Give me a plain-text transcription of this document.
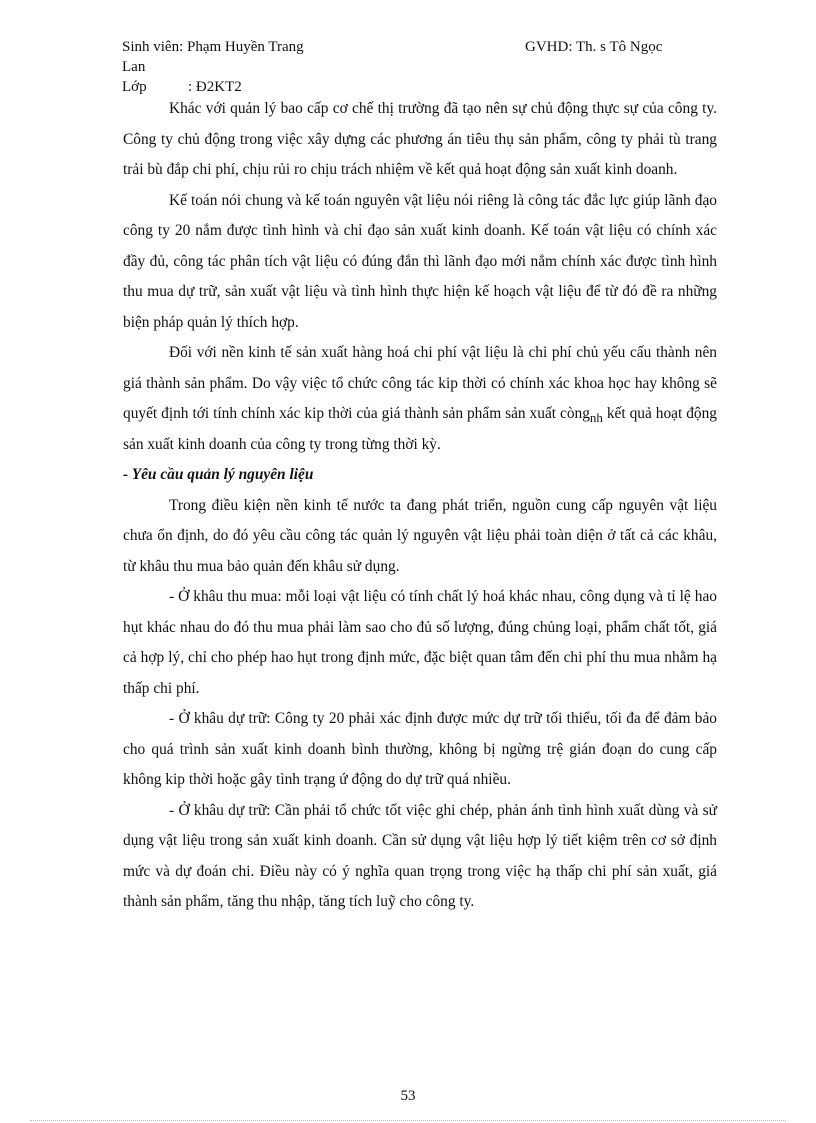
Sinh viên: Phạm Huyền Trang	GVHD: Th. s Tô Ngọc
Lan
Lớp	: Đ2KT2

Khác với quản lý bao cấp cơ chế thị trường đã tạo nên sự chủ động thực sự của công ty. Công ty chủ động trong việc xây dựng các phương án tiêu thụ sản phẩm, công ty phải tù trang trải bù đắp chi phí, chịu rủi ro chịu trách nhiệm về kết quả hoạt động sản xuất kinh doanh.

Kế toán nói chung và kế toán nguyên vật liệu nói riêng là công tác đắc lực giúp lãnh đạo công ty 20 nắm được tình hình và chỉ đạo sản xuất kinh doanh. Kế toán vật liệu có chính xác đầy đủ, công tác phân tích vật liệu có đúng đắn thì lãnh đạo mới nắm chính xác được tình hình thu mua dự trữ, sản xuất vật liệu và tình hình thực hiện kế hoạch vật liệu để từ đó đề ra những biện pháp quản lý thích hợp.

Đối với nền kinh tế sản xuất hàng hoá chi phí vật liệu là chi phí chủ yếu cấu thành nên giá thành sản phẩm. Do vậy việc tổ chức công tác kip thời có chính xác khoa học hay không sẽ quyết định tới tính chính xác kip thời của giá thành sản phẩm sản xuất còng$_{nh}$ kết quả hoạt động sản xuất kinh doanh của công ty trong từng thời kỳ.

- Yêu cầu quản lý nguyên liệu

Trong điều kiện nền kinh tế nước ta đang phát triển, nguồn cung cấp nguyên vật liệu chưa ổn định, do đó yêu cầu công tác quản lý nguyên vật liệu phải toàn diện ở tất cả các khâu, từ khâu thu mua bảo quản đến khâu sử dụng.

- Ở khâu thu mua: mỗi loại vật liệu có tính chất lý hoá khác nhau, công dụng và tỉ lệ hao hụt khác nhau do đó thu mua phải làm sao cho đủ số lượng, đúng chủng loại, phẩm chất tốt, giá cả hợp lý, chỉ cho phép hao hụt trong định mức, đặc biệt quan tâm đến chi phí thu mua nhằm hạ thấp chi phí.

- Ở khâu dự trữ: Công ty 20 phải xác định được mức dự trữ tối thiểu, tối đa để đảm bảo cho quá trình sản xuất kinh doanh bình thường, không bị ngừng trệ gián đoạn do cung cấp không kip thời hoặc gây tình trạng ứ động do dự trữ quá nhiều.

- Ở khâu dự trữ: Cần phải tổ chức tốt việc ghi chép, phản ánh tình hình xuất dùng và sử dụng vật liệu trong sản xuất kinh doanh. Cần sử dụng vật liệu hợp lý tiết kiệm trên cơ sở định mức và dự đoán chi. Điều này có ý nghĩa quan trọng trong việc hạ thấp chi phí sản xuất, giá thành sản phẩm, tăng thu nhập, tăng tích luỹ cho công ty.

53
